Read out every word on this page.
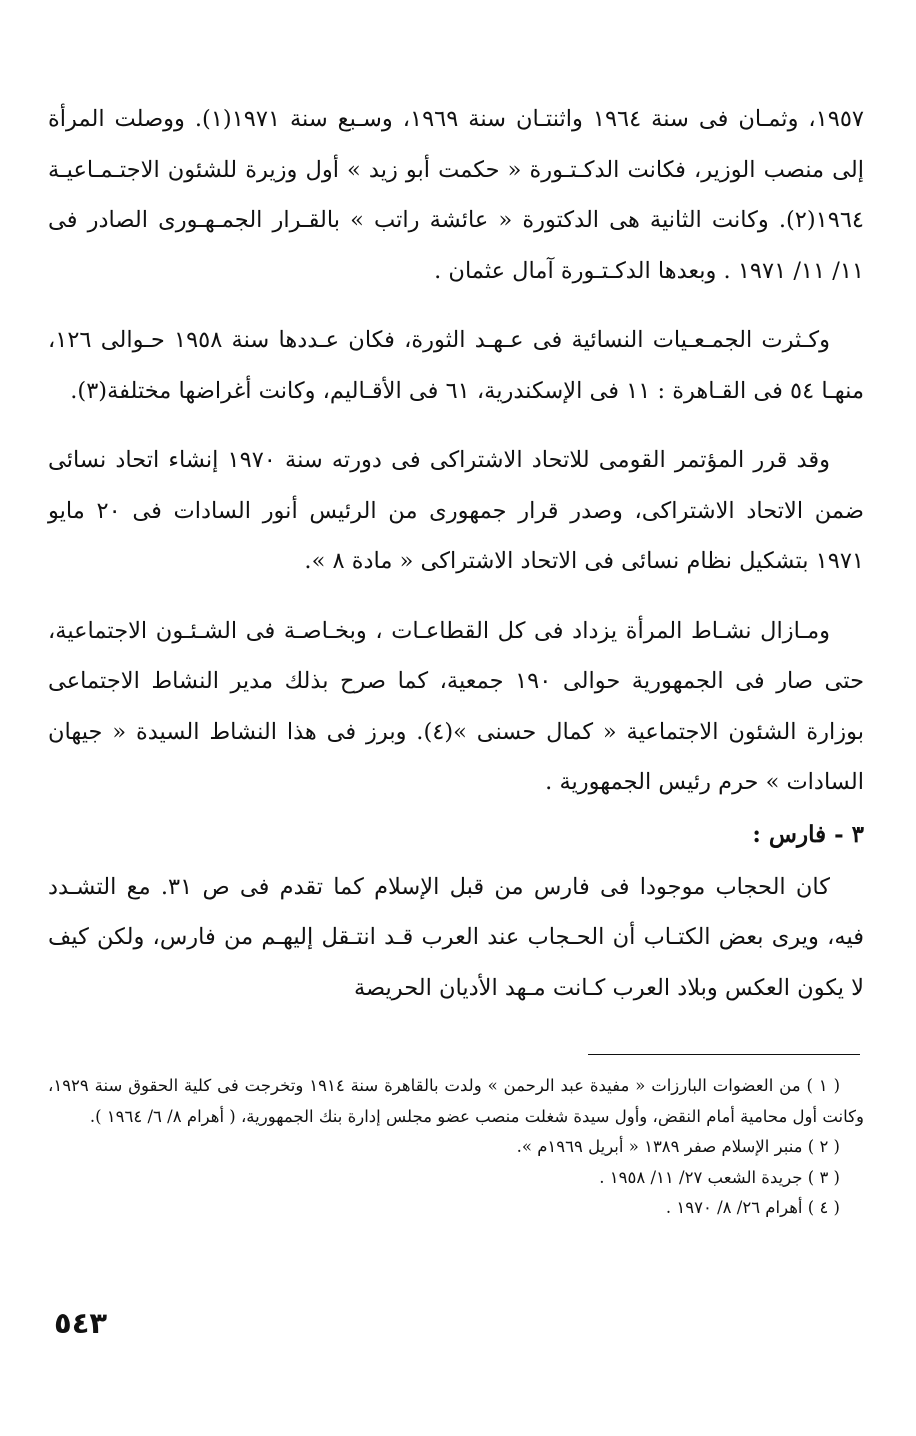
١٩٥٧، وثمـان فى سنة ١٩٦٤ واثنتـان سنة ١٩٦٩، وسـبع سنة ١٩٧١(١). ووصلت المرأة إلى منصب الوزير، فكانت الدكـتـورة « حكمت أبو زيد » أول وزيرة للشئون الاجتـمـاعيـة ١٩٦٤(٢). وكانت الثانية هى الدكتورة « عائشة راتب » بالقـرار الجمـهـورى الصادر فى ١١/ ١١/ ١٩٧١ . وبعدها الدكـتـورة آمال عثمان .

وكـثرت الجمـعـيات النسائية فى عـهـد الثورة، فكان عـددها سنة ١٩٥٨ حـوالى ١٢٦، منهـا ٥٤ فى القـاهرة : ١١ فى الإسكندرية، ٦١ فى الأقـاليم، وكانت أغراضها مختلفة(٣).

وقد قرر المؤتمر القومى للاتحاد الاشتراكى فى دورته سنة ١٩٧٠ إنشاء اتحاد نسائى ضمن الاتحاد الاشتراكى، وصدر قرار جمهورى من الرئيس أنور السادات فى ٢٠ مايو ١٩٧١ بتشكيل نظام نسائى فى الاتحاد الاشتراكى « مادة ٨ ».

ومـازال نشـاط المرأة يزداد فى كل القطاعـات ، وبخـاصـة فى الشـئـون الاجتماعية، حتى صار فى الجمهورية حوالى ١٩٠ جمعية، كما صرح بذلك مدير النشاط الاجتماعى بوزارة الشئون الاجتماعية « كمال حسنى »(٤). وبرز فى هذا النشاط السيدة « جيهان السادات » حرم رئيس الجمهورية .

٣ - فارس :

كان الحجاب موجودا فى فارس من قبل الإسلام كما تقدم فى ص ٣١. مع التشـدد فيه، ويرى بعض الكتـاب أن الحـجاب عند العرب قـد انتـقل إليهـم من فارس، ولكن كيف لا يكون العكس وبلاد العرب كـانت مـهد الأديان الحريصة

( ١ ) من العضوات البارزات « مفيدة عبد الرحمن » ولدت بالقاهرة سنة ١٩١٤ وتخرجت فى كلية الحقوق سنة ١٩٢٩، وكانت أول محامية أمام النقض، وأول سيدة شغلت منصب عضو مجلس إدارة بنك الجمهورية، ( أهرام ٨/ ٦/ ١٩٦٤ ).

( ٢ ) منبر الإسلام صفر ١٣٨٩ « أبريل ١٩٦٩م ».

( ٣ ) جريدة الشعب ٢٧/ ١١/ ١٩٥٨ .

( ٤ ) أهرام ٢٦/ ٨/ ١٩٧٠ .

٥٤٣
